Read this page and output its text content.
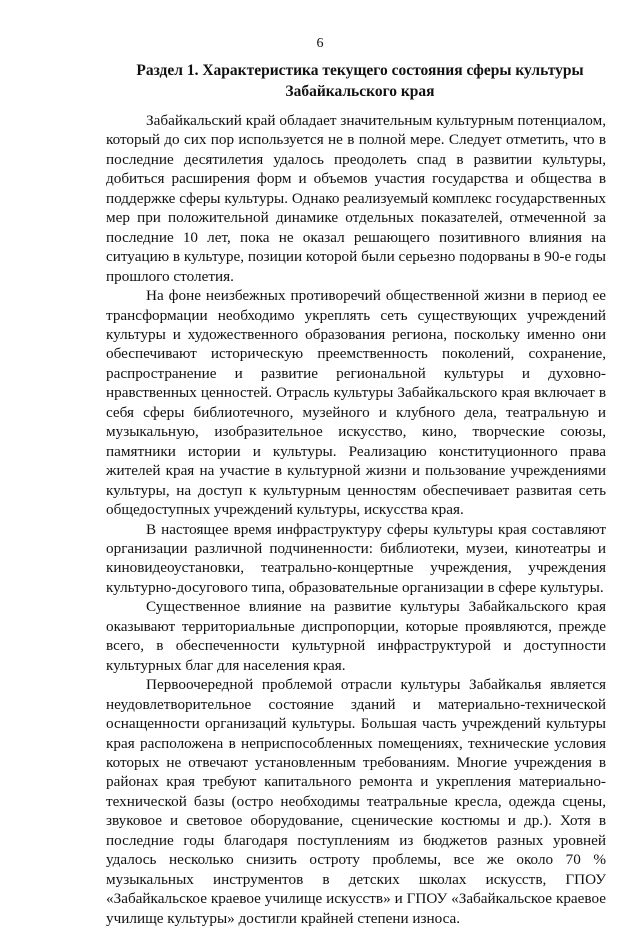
6
Раздел 1. Характеристика текущего состояния сферы культуры Забайкальского края

Забайкальский край обладает значительным культурным потенциалом, который до сих пор используется не в полной мере. Следует отметить, что в последние десятилетия удалось преодолеть спад в развитии культуры, добиться расширения форм и объемов участия государства и общества в поддержке сферы культуры. Однако реализуемый комплекс государственных мер при положительной динамике отдельных показателей, отмеченной за последние 10 лет, пока не оказал решающего позитивного влияния на ситуацию в культуре, позиции которой были серьезно подорваны в 90-е годы прошлого столетия.

На фоне неизбежных противоречий общественной жизни в период ее трансформации необходимо укреплять сеть существующих учреждений культуры и художественного образования региона, поскольку именно они обеспечивают историческую преемственность поколений, сохранение, распространение и развитие региональной культуры и духовно-нравственных ценностей. Отрасль культуры Забайкальского края включает в себя сферы библиотечного, музейного и клубного дела, театральную и музыкальную, изобразительное искусство, кино, творческие союзы, памятники истории и культуры. Реализацию конституционного права жителей края на участие в культурной жизни и пользование учреждениями культуры, на доступ к культурным ценностям обеспечивает развитая сеть общедоступных учреждений культуры, искусства края.

В настоящее время инфраструктуру сферы культуры края составляют организации различной подчиненности: библиотеки, музеи, кинотеатры и киновидеоустановки, театрально-концертные учреждения, учреждения культурно-досугового типа, образовательные организации в сфере культуры.

Существенное влияние на развитие культуры Забайкальского края оказывают территориальные диспропорции, которые проявляются, прежде всего, в обеспеченности культурной инфраструктурой и доступности культурных благ для населения края.

Первоочередной проблемой отрасли культуры Забайкалья является неудовлетворительное состояние зданий и материально-технической оснащенности организаций культуры. Большая часть учреждений культуры края расположена в неприспособленных помещениях, технические условия которых не отвечают установленным требованиям. Многие учреждения в районах края требуют капитального ремонта и укрепления материально-технической базы (остро необходимы театральные кресла, одежда сцены, звуковое и световое оборудование, сценические костюмы и др.). Хотя в последние годы благодаря поступлениям из бюджетов разных уровней удалось несколько снизить остроту проблемы, все же около 70 % музыкальных инструментов в детских школах искусств, ГПОУ «Забайкальское краевое училище искусств» и ГПОУ «Забайкальское краевое училище культуры» достигли крайней степени износа.
